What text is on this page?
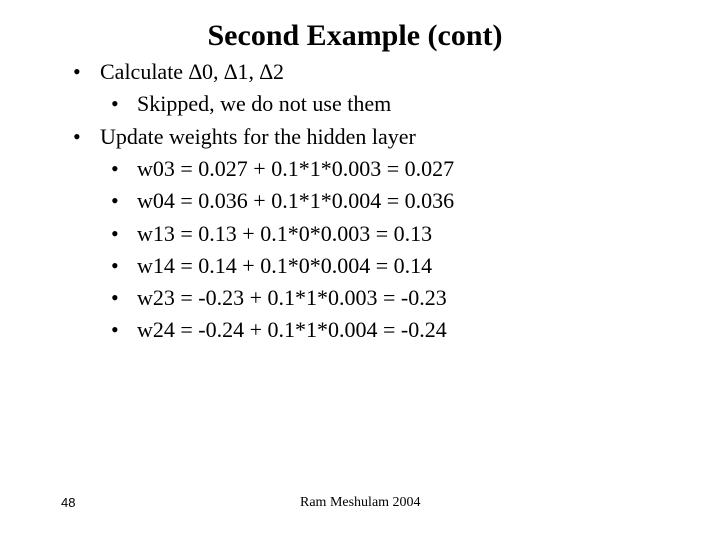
Second Example (cont)
• Calculate ∆0, ∆1, ∆2
• Skipped, we do not use them
• Update weights for the hidden layer
• w03 = 0.027 + 0.1*1*0.003 = 0.027
• w04 = 0.036 + 0.1*1*0.004 = 0.036
• w13 = 0.13 + 0.1*0*0.003 = 0.13
• w14 = 0.14 + 0.1*0*0.004 = 0.14
• w23 = -0.23 + 0.1*1*0.003 = -0.23
• w24 = -0.24 + 0.1*1*0.004 = -0.24
48	Ram Meshulam 2004
